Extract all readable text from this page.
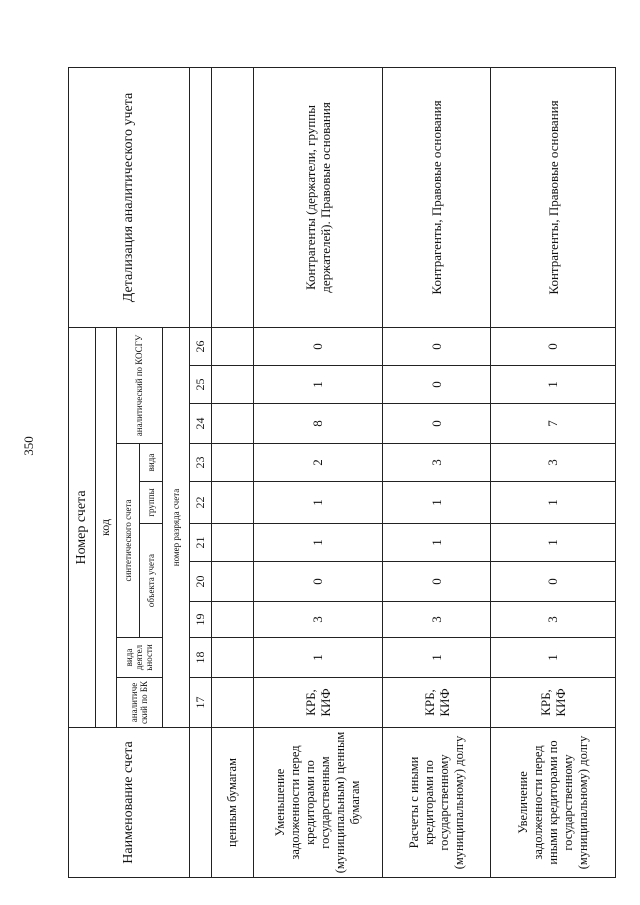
350
Наименование счета	Номер счета										Детализация аналитического учета
	код										
	аналитиче ский по БК	вида деятел ьности	синтетического счета					аналитический по КОСГУ			
			объекта учета			группы	вида				
	номер разряда счета										
	17	18	19	20	21	22	23	24	25	26	
ценным бумагам											
Уменьшение задолженности перед кредиторами по государственным (муниципальным) ценным бумагам	КРБ, КИФ	1	3	0	1	1	2	8	1	0	Контрагенты (держатели, группы держателей). Правовые основания
Расчеты с иными кредиторами по государственному (муниципальному) долгу	КРБ, КИФ	1	3	0	1	1	3	0	0	0	Контрагенты, Правовые основания
Увеличение задолженности перед иными кредиторами по государственному (муниципальному) долгу	КРБ, КИФ	1	3	0	1	1	3	7	1	0	Контрагенты, Правовые основания
